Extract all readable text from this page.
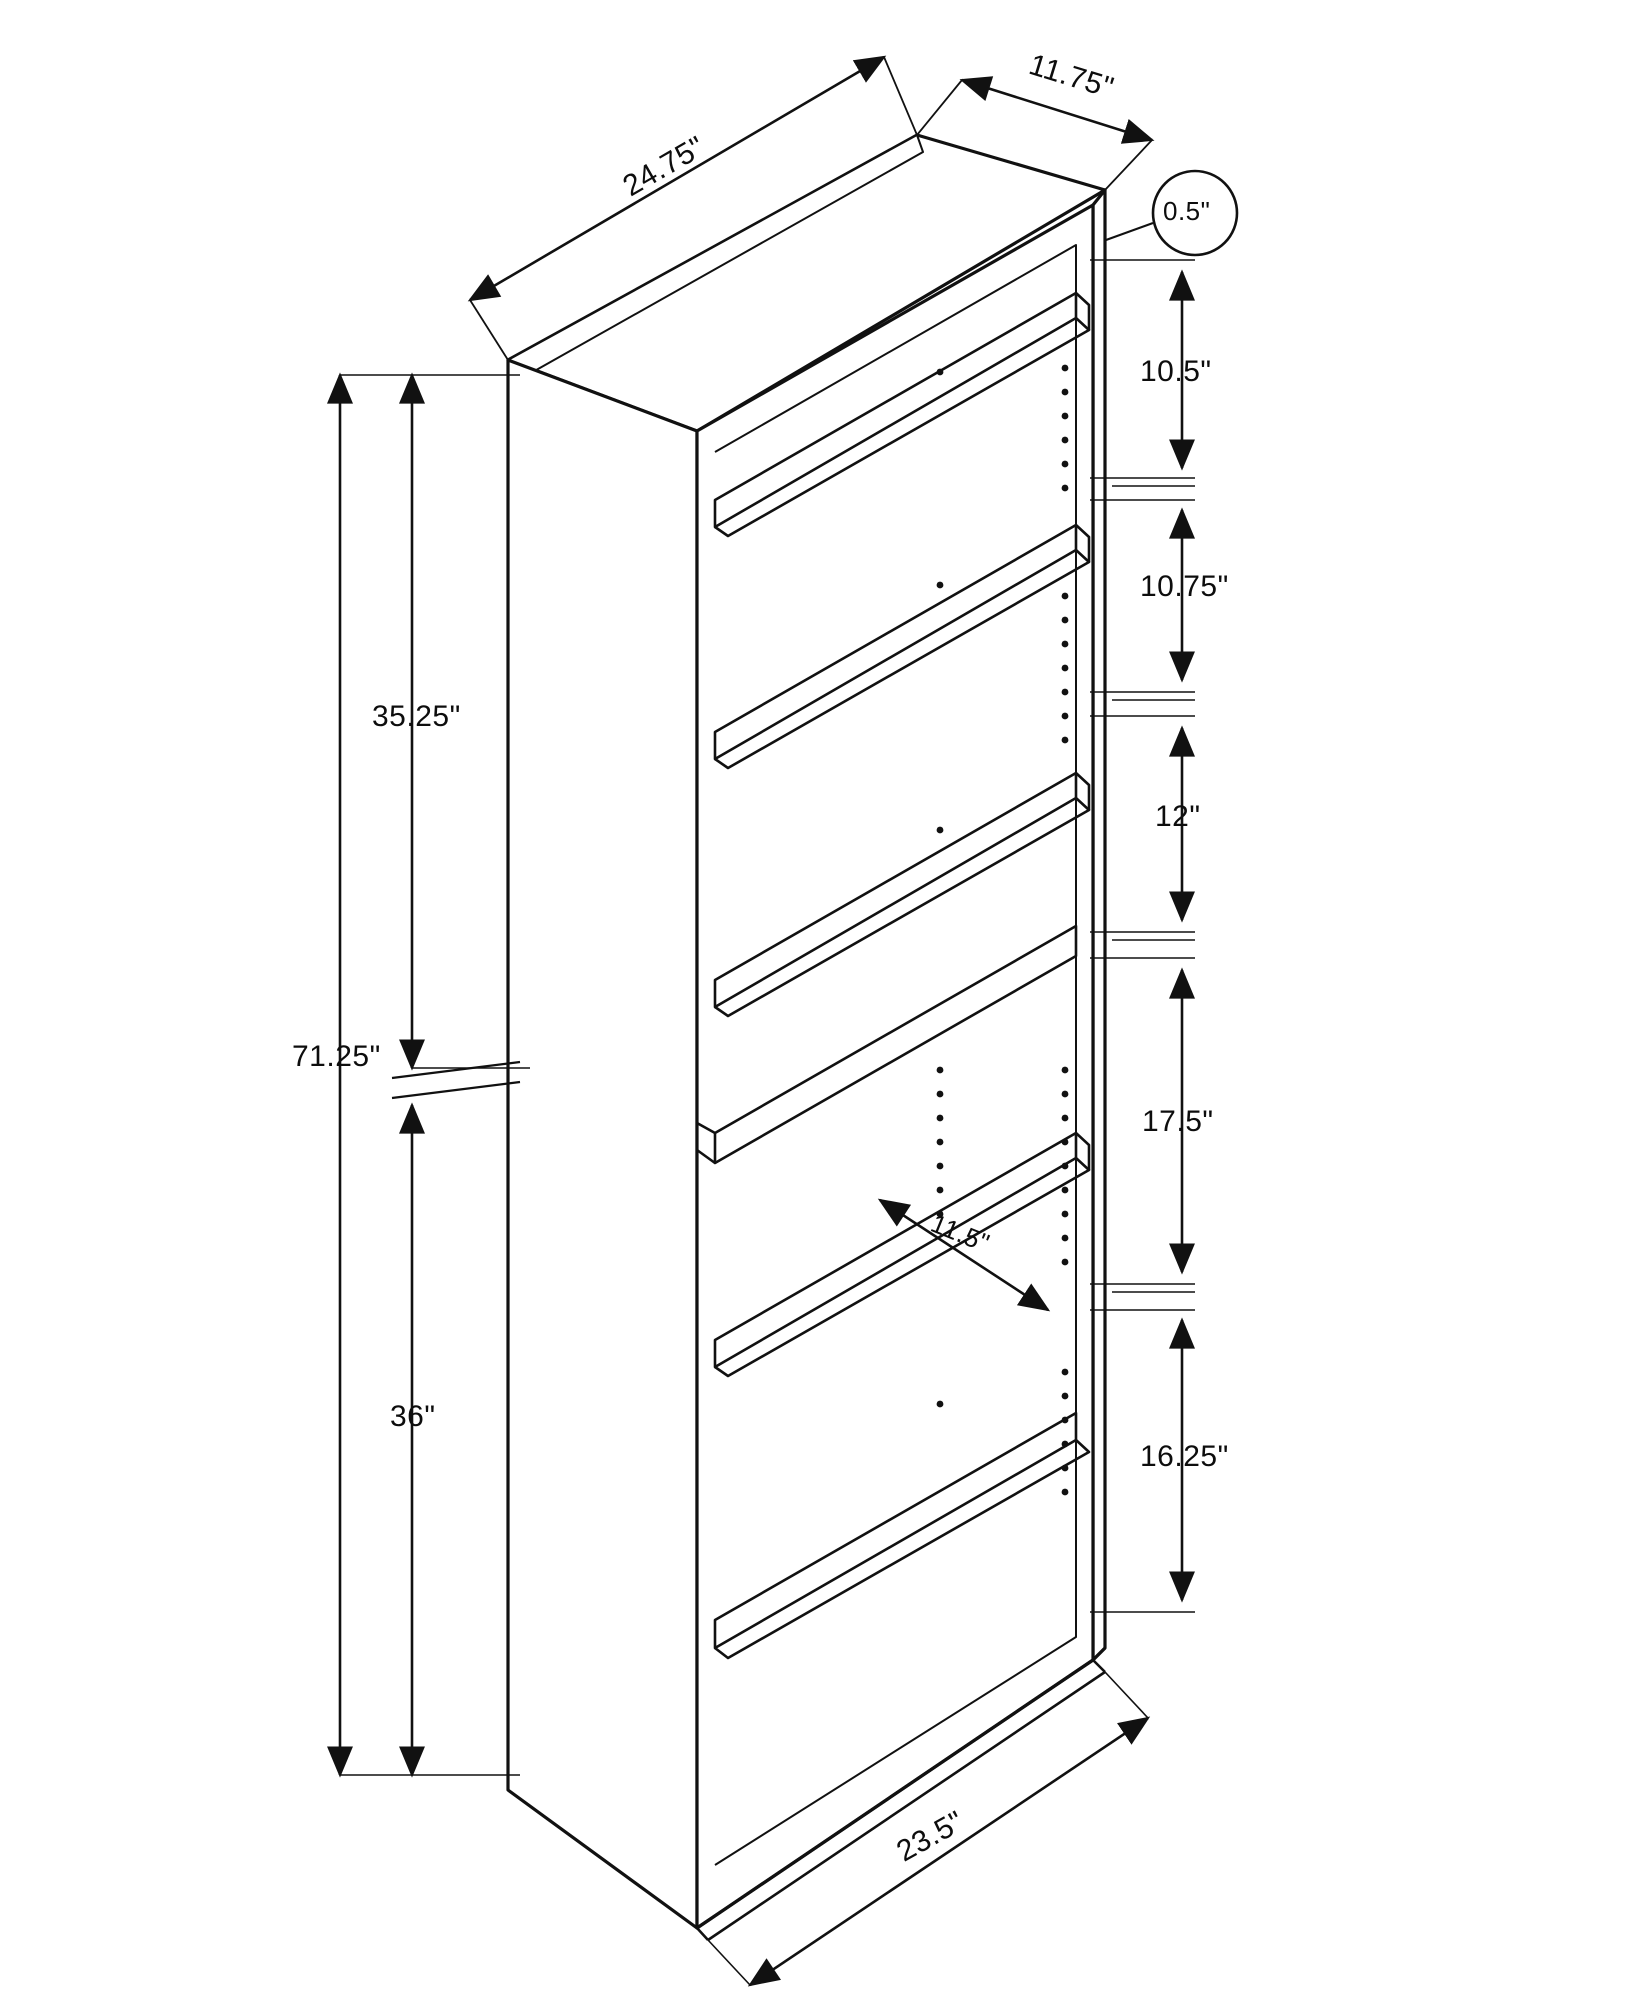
24.75"
11.75"
0.5"
71.25"
35.25"
36"
10.5"
10.75"
12"
17.5"
16.25"
11.5"
23.5"
